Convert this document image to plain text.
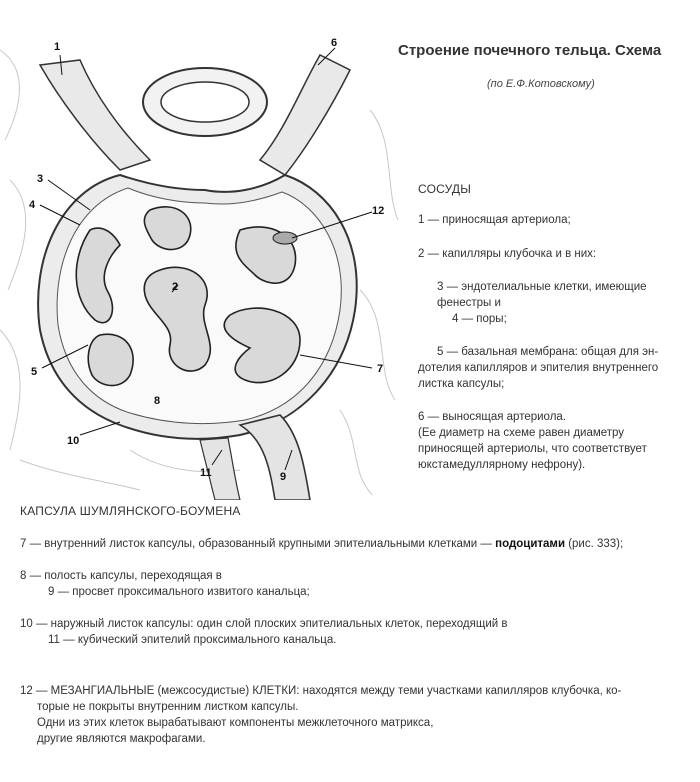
Строение почечного тельца. Схема
(по Е.Ф.Котовскому)
1
2
3
4
5
6
7
8
9
10
11
12
СОСУДЫ
1 — приносящая артериола;
2 — капилляры клубочка и в них:
3 — эндотелиальные клетки, имеющие
фенестры и
4 — поры;
5 — базальная мембрана: общая для эн-
дотелия капилляров и эпителия внутреннего
листка капсулы;
6 — выносящая артериола.
(Ее диаметр на схеме равен диаметру
приносящей артериолы, что соответствует
юкстамедуллярному нефрону).
КАПСУЛА ШУМЛЯНСКОГО-БОУМЕНА
7 — внутренний листок капсулы, образованный крупными эпителиальными клетками — подоцитами (рис. 333);
8 — полость капсулы, переходящая в
9 — просвет проксимального извитого канальца;
10 — наружный листок капсулы: один слой плоских эпителиальных клеток, переходящий в
11 — кубический эпителий проксимального канальца.
12 — МЕЗАНГИАЛЬНЫЕ (межсосудистые) КЛЕТКИ: находятся между теми участками капилляров клубочка, ко-
торые не покрыты внутренним листком капсулы.
Одни из этих клеток вырабатывают компоненты межклеточного матрикса,
другие являются макрофагами.
